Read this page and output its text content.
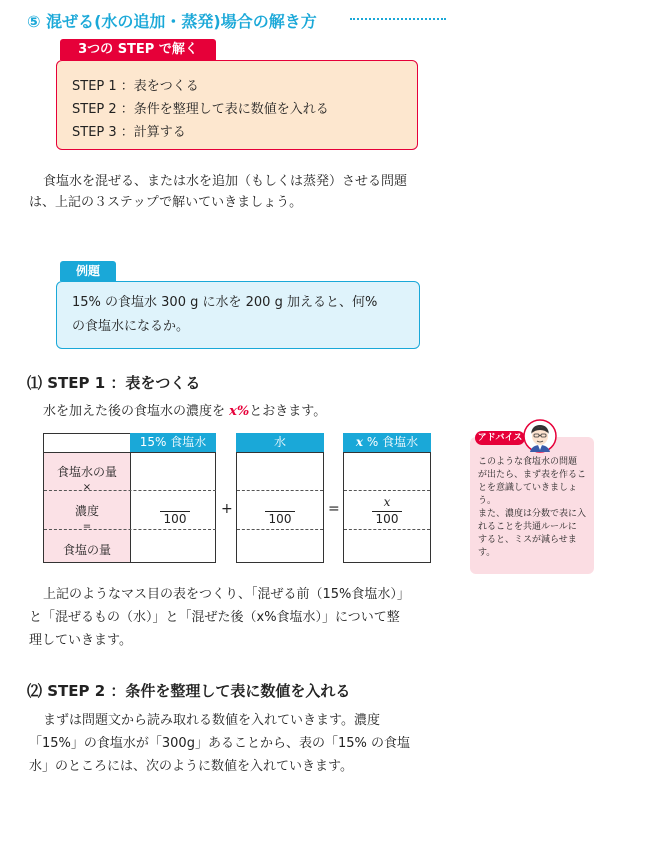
⑤ 混ぜる(水の追加・蒸発)場合の解き方
3つの STEP で解く
STEP 1 ：表をつくる
STEP 2 ：条件を整理して表に数値を入れる
STEP 3 ：計算する
食塩水を混ぜる、または水を追加（もしくは蒸発）させる問題
は、上記の３ステップで解いていきましょう。
例題
15% の食塩水 300 g に水を 200 g 加えると、何%
の食塩水になるか。
⑴ STEP 1 ：表をつくる
水を加えた後の食塩水の濃度を x%とおきます。
15% 食塩水
食塩水の量
×
濃度
=
食塩の量
100
+
水
100
=
x % 食塩水
x
100
アドバイス
このような食塩水の問題
が出たら、まず表を作るこ
とを意識していきましょ
う。
また、濃度は分数で表に入
れることを共通ルールに
すると、ミスが減らせま
す。
上記のようなマス目の表をつくり、「混ぜる前（15%食塩水）」
と「混ぜるもの（水）」と「混ぜた後（x%食塩水）」について整
理していきます。
⑵ STEP 2 ：条件を整理して表に数値を入れる
まずは問題文から読み取れる数値を入れていきます。濃度
「15%」の食塩水が「300g」あることから、表の「15% の食塩
水」のところには、次のように数値を入れていきます。
